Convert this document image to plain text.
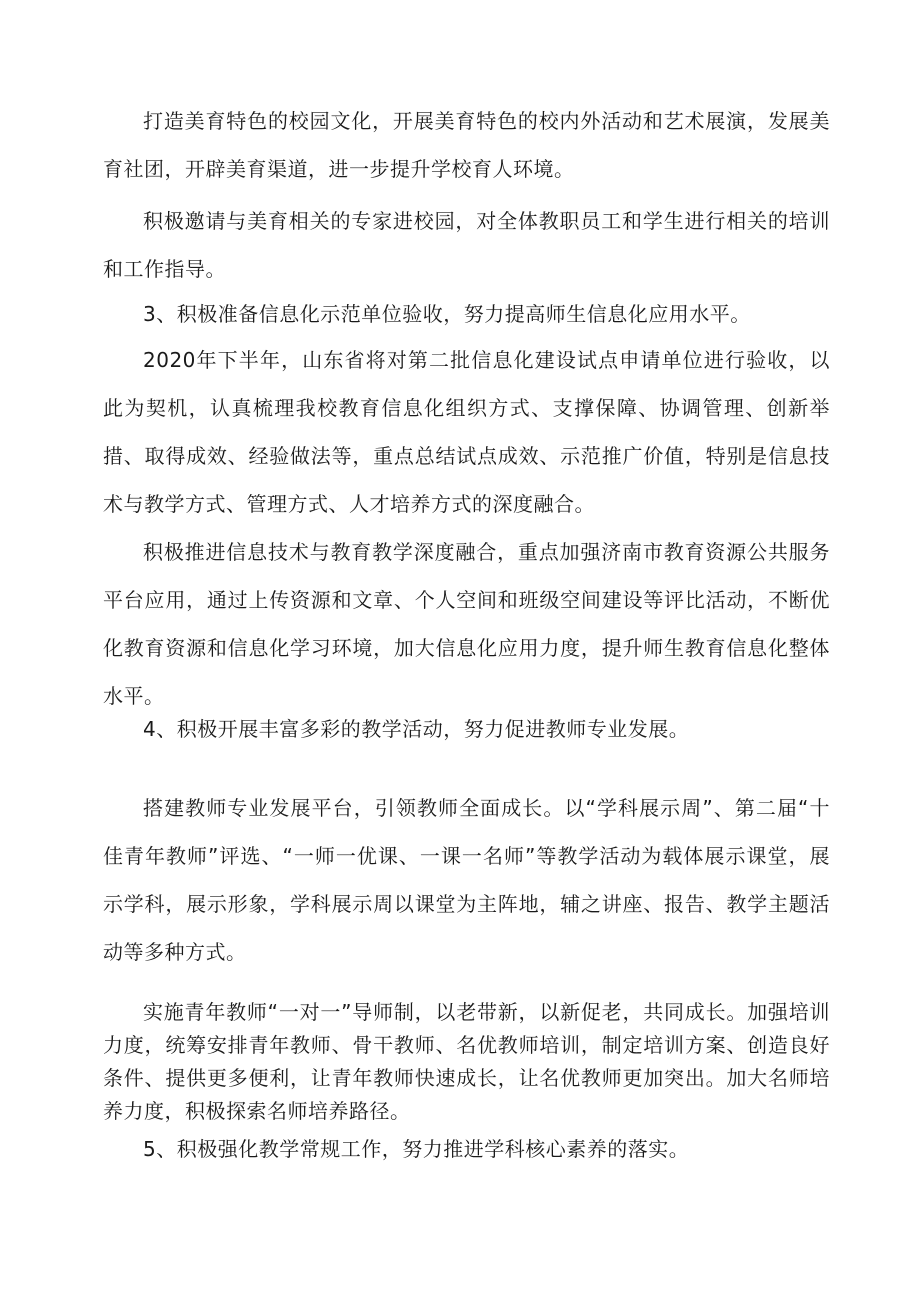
打造美育特色的校园文化，开展美育特色的校内外活动和艺术展演，发展美育社团，开辟美育渠道，进一步提升学校育人环境。

积极邀请与美育相关的专家进校园，对全体教职员工和学生进行相关的培训和工作指导。

3、积极准备信息化示范单位验收，努力提高师生信息化应用水平。

2020年下半年，山东省将对第二批信息化建设试点申请单位进行验收，以此为契机，认真梳理我校教育信息化组织方式、支撑保障、协调管理、创新举措、取得成效、经验做法等，重点总结试点成效、示范推广价值，特别是信息技术与教学方式、管理方式、人才培养方式的深度融合。

积极推进信息技术与教育教学深度融合，重点加强济南市教育资源公共服务平台应用，通过上传资源和文章、个人空间和班级空间建设等评比活动，不断优化教育资源和信息化学习环境，加大信息化应用力度，提升师生教育信息化整体水平。

4、积极开展丰富多彩的教学活动，努力促进教师专业发展。

搭建教师专业发展平台，引领教师全面成长。以“学科展示周”、第二届“十佳青年教师”评选、“一师一优课、一课一名师”等教学活动为载体展示课堂，展示学科，展示形象，学科展示周以课堂为主阵地，辅之讲座、报告、教学主题活动等多种方式。

实施青年教师“一对一”导师制，以老带新，以新促老，共同成长。加强培训力度，统筹安排青年教师、骨干教师、名优教师培训，制定培训方案、创造良好条件、提供更多便利，让青年教师快速成长，让名优教师更加突出。加大名师培养力度，积极探索名师培养路径。

5、积极强化教学常规工作，努力推进学科核心素养的落实。
